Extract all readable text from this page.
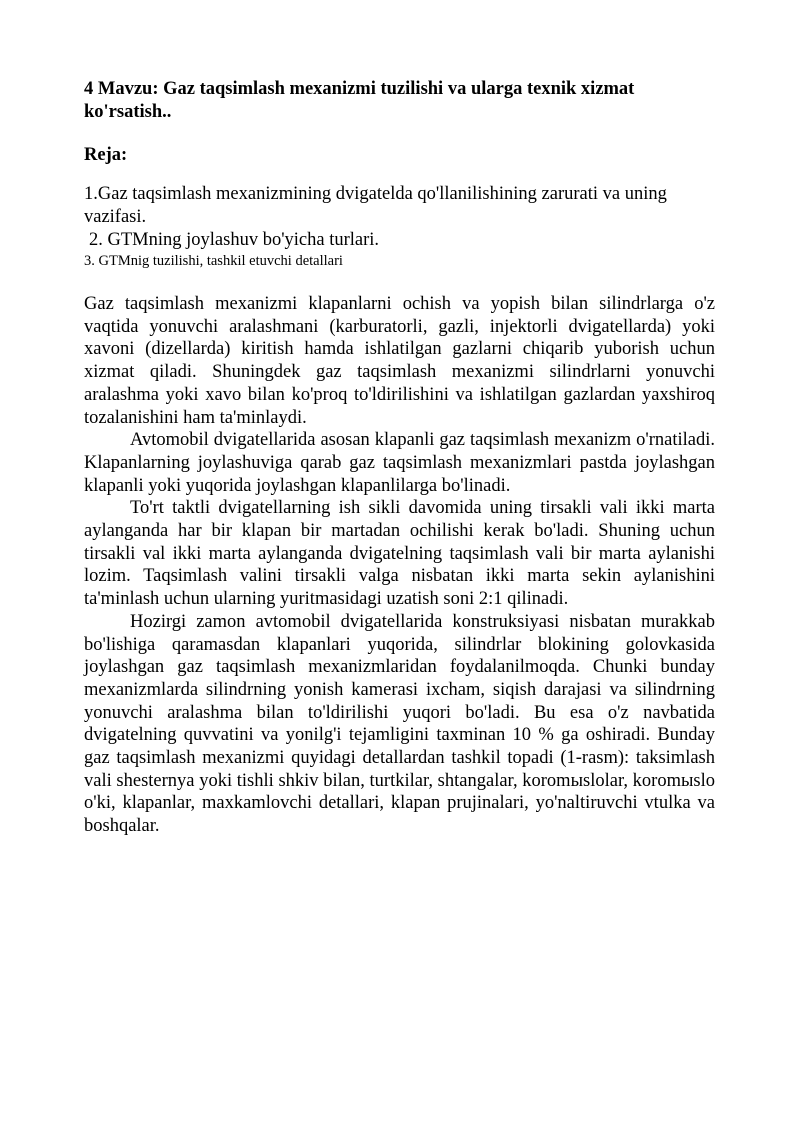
4 Mavzu: Gaz taqsimlash mexanizmi tuzilishi va ularga texnik xizmat ko'rsatish..

Reja:

1.Gaz taqsimlash mexanizmining dvigatelda qo'llanilishining zarurati va uning vazifasi.
2. GTMning joylashuv bo'yicha turlari.
3. GTMnig tuzilishi, tashkil etuvchi detallari

Gaz taqsimlash mexanizmi klapanlarni ochish va yopish bilan silindrlarga o'z vaqtida yonuvchi aralashmani (karburatorli, gazli, injektorli dvigatellarda) yoki xavoni (dizellarda) kiritish hamda ishlatilgan gazlarni chiqarib yuborish uchun xizmat qiladi. Shuningdek gaz taqsimlash mexanizmi silindrlarni yonuvchi aralashma yoki xavo bilan ko'proq to'ldirilishini va ishlatilgan gazlardan yaxshiroq tozalanishini ham ta'minlaydi.

Avtomobil dvigatellarida asosan klapanli gaz taqsimlash mexanizm o'rnatiladi. Klapanlarning joylashuviga qarab gaz taqsimlash mexanizmlari pastda joylashgan klapanli yoki yuqorida joylashgan klapanlilarga bo'linadi.

To'rt taktli dvigatellarning ish sikli davomida uning tirsakli vali ikki marta aylanganda har bir klapan bir martadan ochilishi kerak bo'ladi. Shuning uchun tirsakli val ikki marta aylanganda dvigatelning taqsimlash vali bir marta aylanishi lozim. Taqsimlash valini tirsakli valga nisbatan ikki marta sekin aylanishini ta'minlash uchun ularning yuritmasidagi uzatish soni 2:1 qilinadi.

Hozirgi zamon avtomobil dvigatellarida konstruksiyasi nisbatan murakkab bo'lishiga qaramasdan klapanlari yuqorida, silindrlar blokining golovkasida joylashgan gaz taqsimlash mexanizmlaridan foydalanilmoqda. Chunki bunday mexanizmlarda silindrning yonish kamerasi ixcham, siqish darajasi va silindrning yonuvchi aralashma bilan to'ldirilishi yuqori bo'ladi. Bu esa o'z navbatida dvigatelning quvvatini va yonilg'i tejamligini taxminan 10 % ga oshiradi. Bunday gaz taqsimlash mexanizmi quyidagi detallardan tashkil topadi (1-rasm): taksimlash vali shesternya yoki tishli shkiv bilan, turtkilar, shtangalar, koromыslolar, koromыslo o'ki, klapanlar, maxkamlovchi detallari, klapan prujinalari, yo'naltiruvchi vtulka va boshqalar.
